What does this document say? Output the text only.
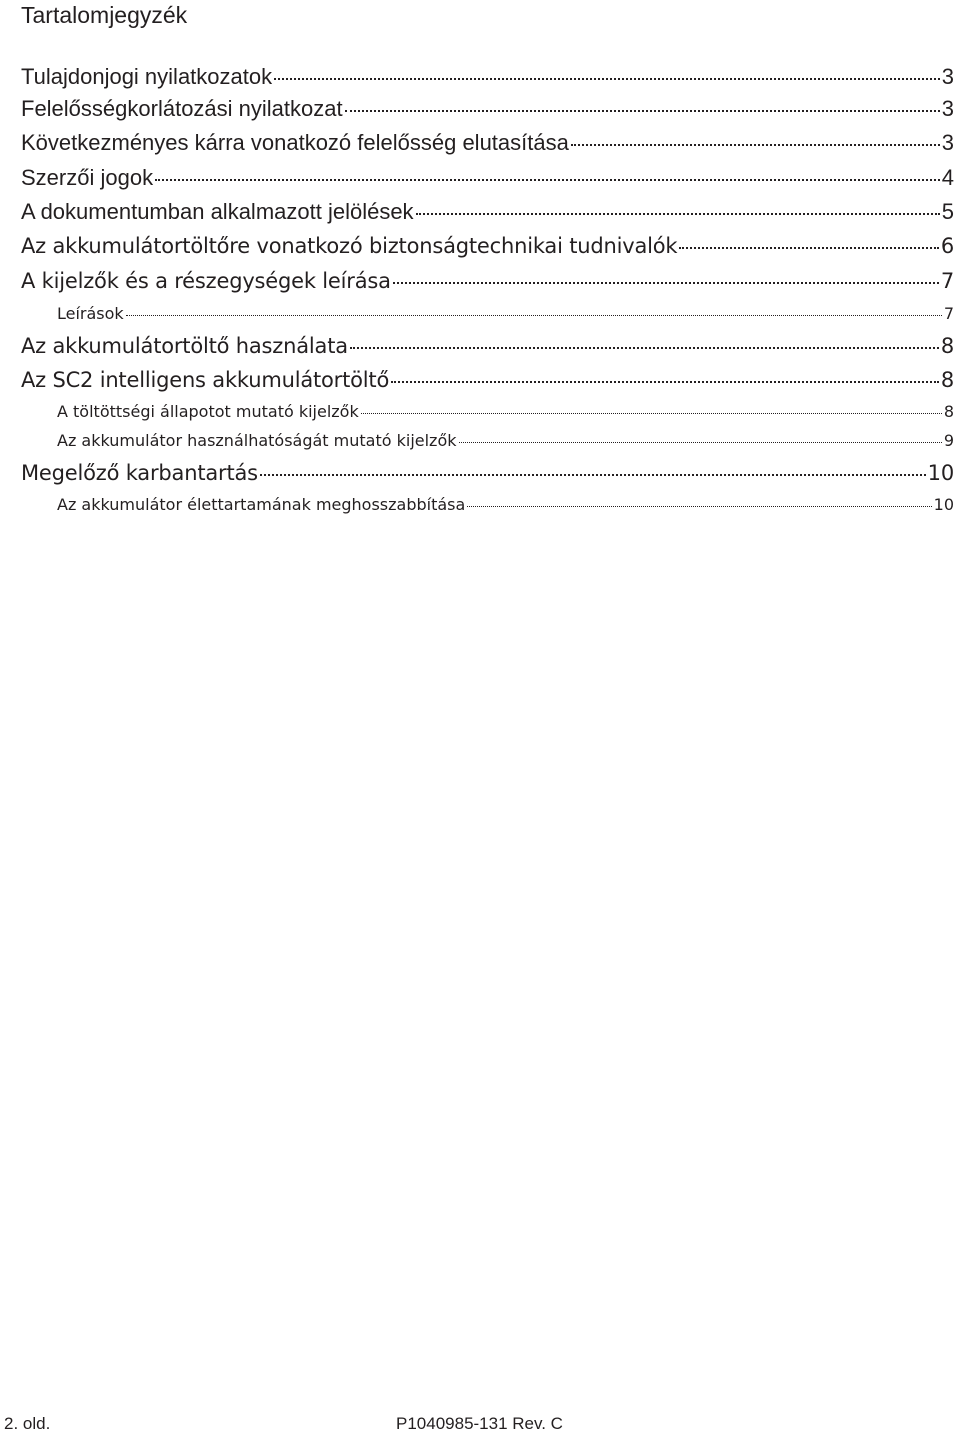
Tartalomjegyzék
Tulajdonjogi nyilatkozatok	3
Felelősségkorlátozási nyilatkozat	3
Következményes kárra vonatkozó felelősség elutasítása	3
Szerzői jogok	4
A dokumentumban alkalmazott jelölések	5
Az akkumulátortöltőre vonatkozó biztonságtechnikai tudnivalók	6
A kijelzők és a részegységek leírása	7
Leírások	7
Az akkumulátortöltő használata	8
Az SC2 intelligens akkumulátortöltő	8
A töltöttségi állapotot mutató kijelzők	8
Az akkumulátor használhatóságát mutató kijelzők	9
Megelőző karbantartás	10
Az akkumulátor élettartamának meghosszabbítása	10
2. old.	P1040985-131 Rev. C
